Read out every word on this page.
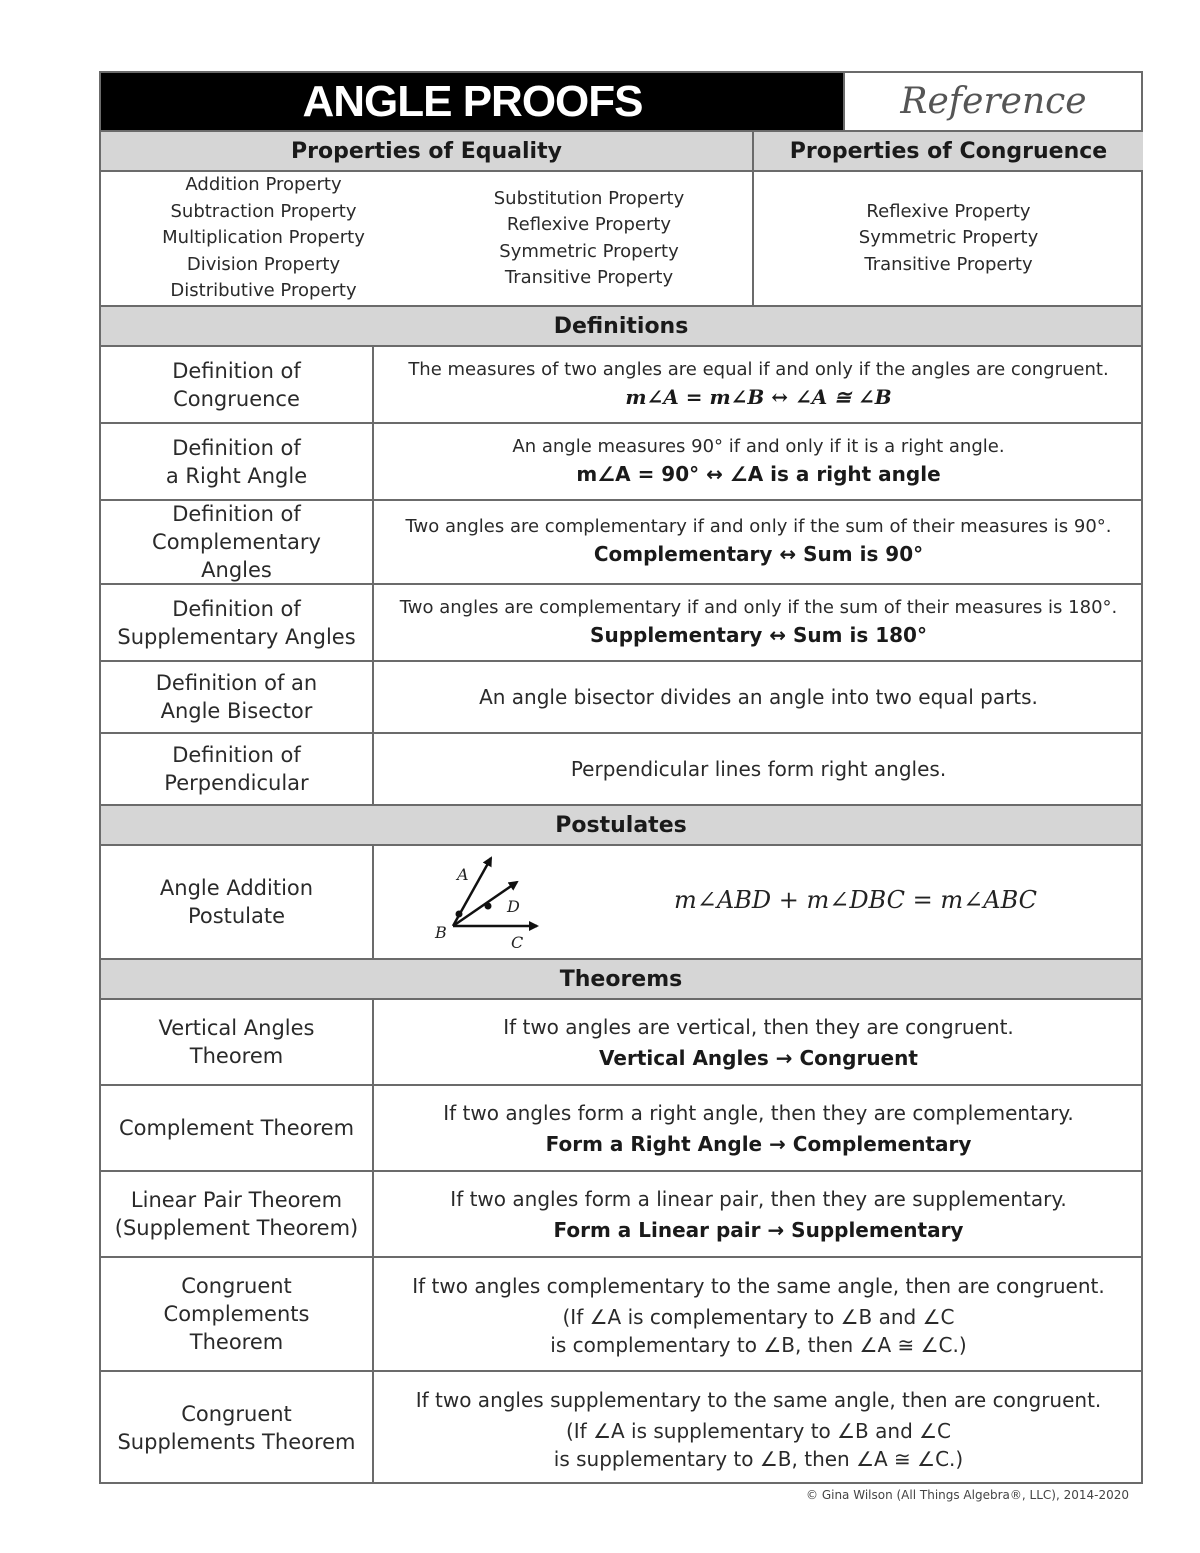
ANGLE PROOFS	Reference
Properties of Equality	Properties of Congruence
Addition Property
Subtraction Property
Multiplication Property
Division Property
Distributive Property
Substitution Property
Reflexive Property
Symmetric Property
Transitive Property
Reflexive Property
Symmetric Property
Transitive Property
Definitions
Definition of
Congruence
The measures of two angles are equal if and only if the angles are congruent.
m∠A = m∠B ↔ ∠A ≅ ∠B
Definition of
a Right Angle
An angle measures 90° if and only if it is a right angle.
m∠A = 90° ↔ ∠A is a right angle
Definition of
Complementary
Angles
Two angles are complementary if and only if the sum of their measures is 90°.
Complementary ↔ Sum is 90°
Definition of
Supplementary Angles
Two angles are complementary if and only if the sum of their measures is 180°.
Supplementary ↔ Sum is 180°
Definition of an
Angle Bisector
An angle bisector divides an angle into two equal parts.
Definition of
Perpendicular
Perpendicular lines form right angles.
Postulates
Angle Addition
Postulate
A
D
B
C
m∠ABD + m∠DBC = m∠ABC
Theorems
Vertical Angles
Theorem
If two angles are vertical, then they are congruent.
Vertical Angles → Congruent
Complement Theorem
If two angles form a right angle, then they are complementary.
Form a Right Angle → Complementary
Linear Pair Theorem
(Supplement Theorem)
If two angles form a linear pair, then they are supplementary.
Form a Linear pair → Supplementary
Congruent
Complements
Theorem
If two angles complementary to the same angle, then are congruent.
(If ∠A is complementary to ∠B and ∠C
is complementary to ∠B, then ∠A ≅ ∠C.)
Congruent
Supplements Theorem
If two angles supplementary to the same angle, then are congruent.
(If ∠A is supplementary to ∠B and ∠C
is supplementary to ∠B, then ∠A ≅ ∠C.)
© Gina Wilson (All Things Algebra®, LLC), 2014-2020
